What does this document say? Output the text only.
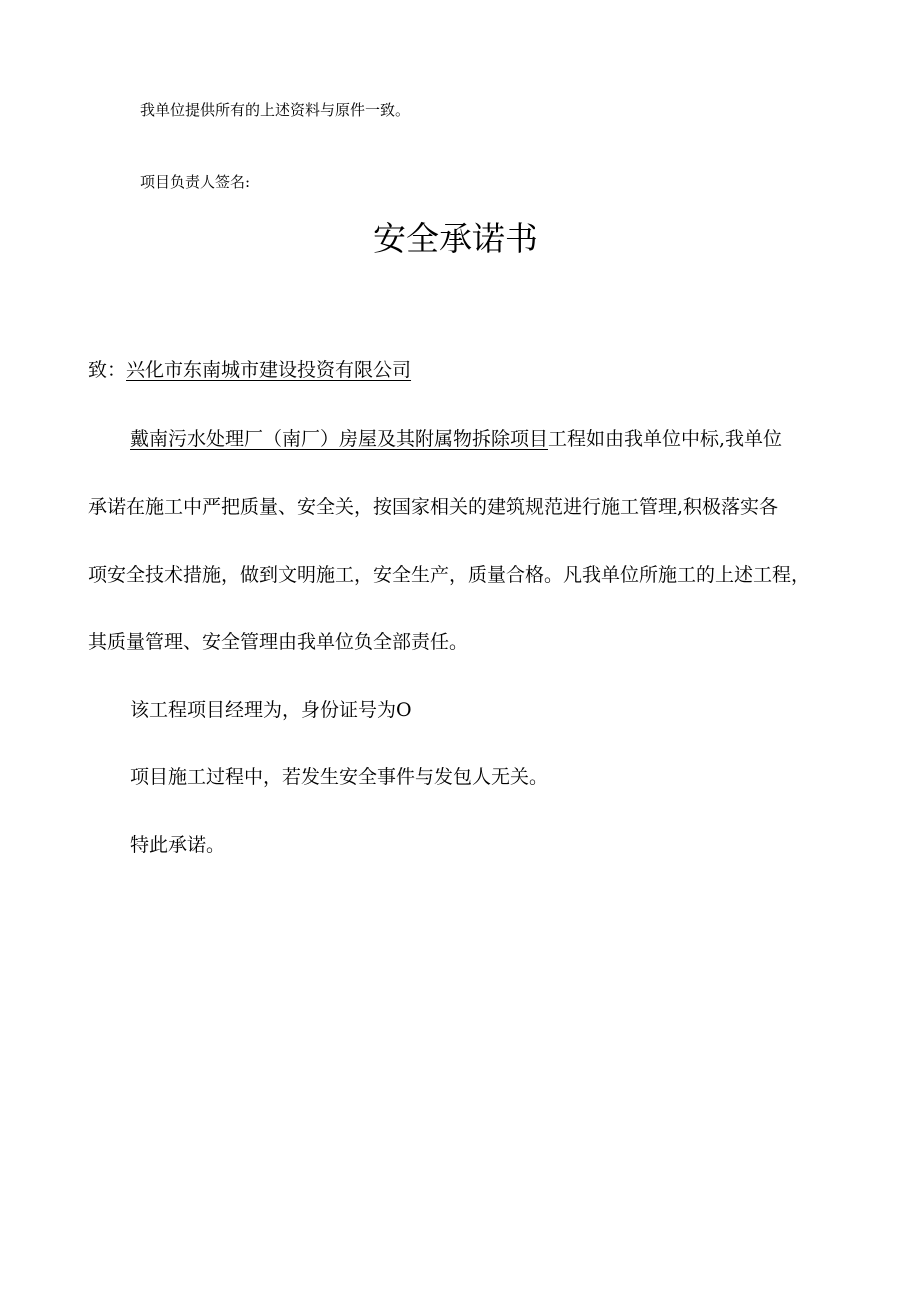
我单位提供所有的上述资料与原件一致。

项目负责人签名:

安全承诺书

致：兴化市东南城市建设投资有限公司

戴南污水处理厂（南厂）房屋及其附属物拆除项目工程如由我单位中标,我单位

承诺在施工中严把质量、安全关，按国家相关的建筑规范进行施工管理,积极落实各

项安全技术措施，做到文明施工，安全生产，质量合格。凡我单位所施工的上述工程，

其质量管理、安全管理由我单位负全部责任。

该工程项目经理为，身份证号为O

项目施工过程中，若发生安全事件与发包人无关。

特此承诺。
